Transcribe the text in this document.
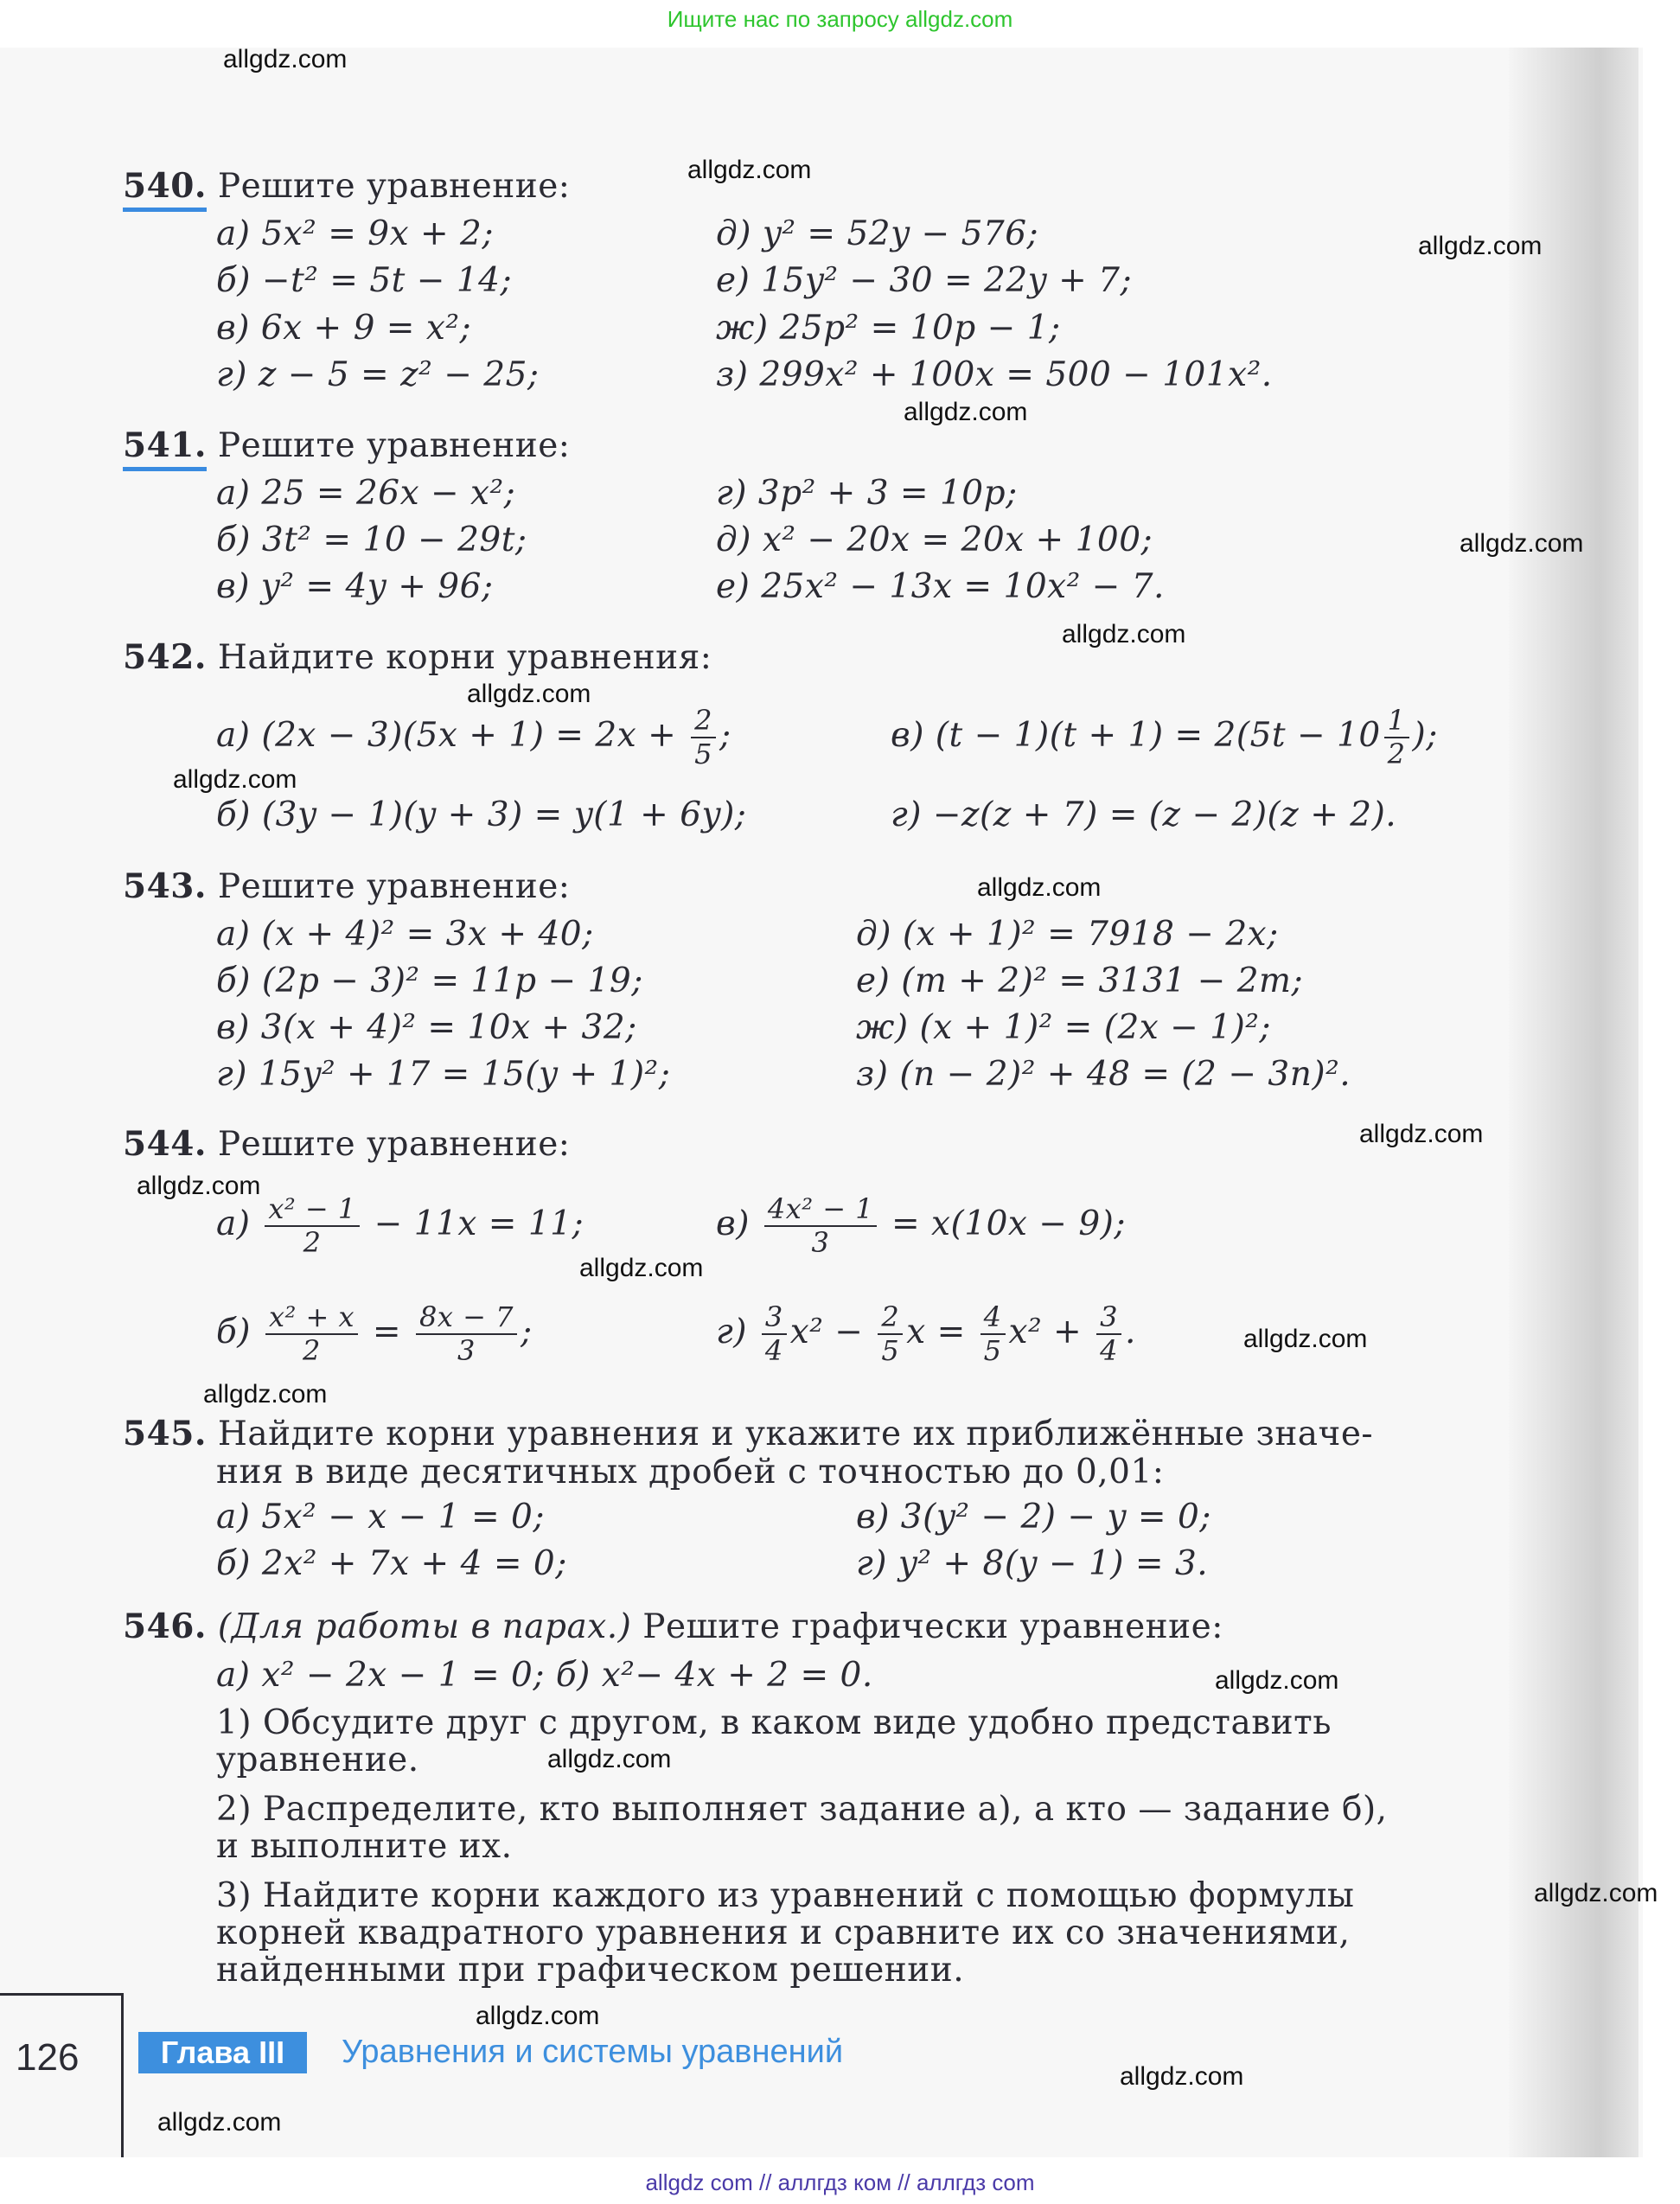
Ищите нас по запросу allgdz.com
allgdz.com
allgdz.com
allgdz.com
allgdz.com
allgdz.com
allgdz.com
allgdz.com
allgdz.com
allgdz.com
allgdz.com
allgdz.com
allgdz.com
allgdz.com
allgdz.com
allgdz.com
allgdz.com
allgdz.com
allgdz.com
allgdz.com
allgdz.com
540. Решите уравнение:
а) 5x² = 9x + 2;	д) y² = 52y − 576;
б) −t² = 5t − 14;	е) 15y² − 30 = 22y + 7;
в) 6x + 9 = x²;	ж) 25p² = 10p − 1;
г) z − 5 = z² − 25;	з) 299x² + 100x = 500 − 101x².
541. Решите уравнение:
а) 25 = 26x − x²;	г) 3p² + 3 = 10p;
б) 3t² = 10 − 29t;	д) x² − 20x = 20x + 100;
в) y² = 4y + 96;	е) 25x² − 13x = 10x² − 7.
542. Найдите корни уравнения:
а) $(2x - 3)(5x + 1) = 2x + \frac{2}{5}$ ;	в) $(t - 1)(t + 1) = 2(5t - 10 \frac{1}{2}$ );
б) (3y − 1)(y + 3) = y(1 + 6y);	г) −z(z + 7) = (z − 2)(z + 2).
543. Решите уравнение:
а) (x + 4)² = 3x + 40;	д) (x + 1)² = 7918 − 2x;
б) (2p − 3)² = 11p − 19;	е) (m + 2)² = 3131 − 2m;
в) 3(x + 4)² = 10x + 32;	ж) (x + 1)² = (2x − 1)²;
г) 15y² + 17 = 15(y + 1)²;	з) (n − 2)² + 48 = (2 − 3n)².
544. Решите уравнение:
$а) \frac{\text{x² − 1}}{2} - 11x = 11$;	$в) \frac{\text{4x² − 1}}{3} = x(10x - 9)$;
$б) \frac{\text{x² + x}}{2} = \frac{8x - 7}{3}$ ;	$г) \frac{3}{4} x^2 - \frac{2}{5}$ $x = \frac{4}{5} x^2 + \frac{3}{4}$ .
545. Найдите корни уравнения и укажите их приближённые значе-
ния в виде десятичных дробей с точностью до 0,01:
а) 5x² − x − 1 = 0;	в) 3(y² − 2) − y = 0;
б) 2x² + 7x + 4 = 0;	г) y² + 8(y − 1) = 3.
546. (Для работы в парах.) Решите графически уравнение:
а) x² − 2x − 1 = 0; б) x²− 4x + 2 = 0.
1) Обсудите друг с другом, в каком виде удобно представить
уравнение.
2) Распределите, кто выполняет задание а), а кто — задание б),
и выполните их.
3) Найдите корни каждого из уравнений с помощью формулы
корней квадратного уравнения и сравните их со значениями,
найденными при графическом решении.
126	Глава III	Уравнения и системы уравнений
allgdz com // аллгдз ком // аллгдз com
